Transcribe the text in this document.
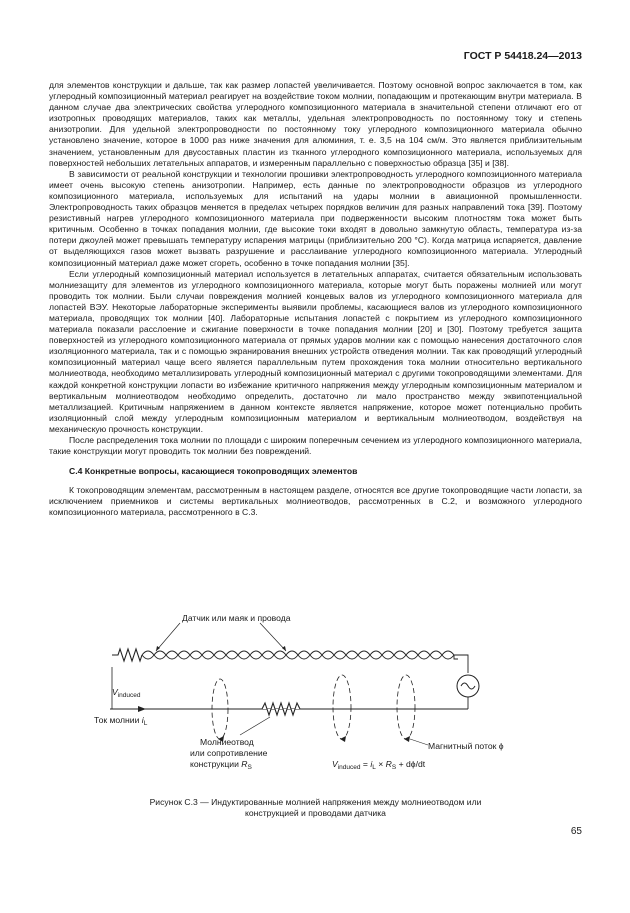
ГОСТ Р 54418.24—2013

для элементов конструкции и дальше, так как размер лопастей увеличивается. Поэтому основной вопрос заключается в том, как углеродный композиционный материал реагирует на воздействие током молнии, попадающим и протекающим внутри материала. В данном случае два электрических свойства углеродного композиционного материала в значительной степени отличают его от изотропных проводящих материалов, таких как металлы, удельная электропроводность по постоянному току и степень анизотропии. Для удельной электропроводности по постоянному току углеродного композиционного материала обычно установлено значение, которое в 1000 раз ниже значения для алюминия, т. е. 3,5 на 104 см/м. Это является приблизительным значением, установленным для двусоставных пластин из тканного углеродного композиционного материала, используемых для поверхностей небольших летательных аппаратов, и измеренным параллельно с поверхностью образца [35] и [38].

В зависимости от реальной конструкции и технологии прошивки электропроводность углеродного композиционного материала имеет очень высокую степень анизотропии. Например, есть данные по электропроводности образцов из углеродного композиционного материала, используемых для испытаний на удары молнии в авиационной промышленности. Электропроводность таких образцов меняется в пределах четырех порядков величин для разных направлений тока [39]. Поэтому резистивный нагрев углеродного композиционного материала при подверженности высоким плотностям тока может быть критичным. Особенно в точках попадания молнии, где высокие токи входят в довольно замкнутую область, температура из-за потери джоулей может превышать температуру испарения матрицы (приблизительно 200 °С). Когда матрица испаряется, давление от выделяющихся газов может вызвать разрушение и расслаивание углеродного композиционного материала. Углеродный композиционный материал даже может сгореть, особенно в точке попадания молнии [35].

Если углеродный композиционный материал используется в летательных аппаратах, считается обязательным использовать молниезащиту для элементов из углеродного композиционного материала, которые могут быть поражены молнией или могут проводить ток молнии. Были случаи повреждения молнией концевых валов из углеродного композиционного материала для лопастей ВЭУ. Некоторые лабораторные эксперименты выявили проблемы, касающиеся валов из углеродного композиционного материала, проводящих ток молнии [40]. Лабораторные испытания лопастей с покрытием из углеродного композиционного материала показали расслоение и сжигание поверхности в точке попадания молнии [20] и [30]. Поэтому требуется защита поверхностей из углеродного композиционного материала от прямых ударов молнии как с помощью нанесения достаточного слоя изоляционного материала, так и с помощью экранирования внешних устройств отведения молнии. Так как проводящий углеродный композиционный материал чаще всего является параллельным путем прохождения тока молнии относительно вертикального молниеотвода, необходимо металлизировать углеродный композиционный материал с другими токопроводящими элементами. Для каждой конкретной конструкции лопасти во избежание критичного напряжения между углеродным композиционным материалом и вертикальным молниеотводом необходимо определить, достаточно ли мало пространство между эквипотенциальной металлизацией. Критичным напряжением в данном контексте является напряжение, которое может потенциально пробить изоляционный слой между углеродным композиционным материалом и вертикальным молниеотводом, воздействуя на механическую прочность конструкции.

После распределения тока молнии по площади с широким поперечным сечением из углеродного композиционного материала, такие конструкции могут проводить ток молнии без повреждений.

С.4 Конкретные вопросы, касающиеся токопроводящих элементов

К токопроводящим элементам, рассмотренным в настоящем разделе, относятся все другие токопроводящие части лопасти, за исключением приемников и системы вертикальных молниеотводов, рассмотренных в С.2, и возможного углеродного композиционного материала, рассмотренного в С.3.

Датчик или маяк и провода
$V_{induced}$
Ток молнии $i_L$
Молниеотвод
или сопротивление
конструкции $R_S$
Магнитный поток ϕ
$V_{induced} = i_L \times R_S + d\phi/dt$
Рисунок С.3 — Индуктированные молнией напряжения между молниеотводом или
конструкцией и проводами датчика
65
